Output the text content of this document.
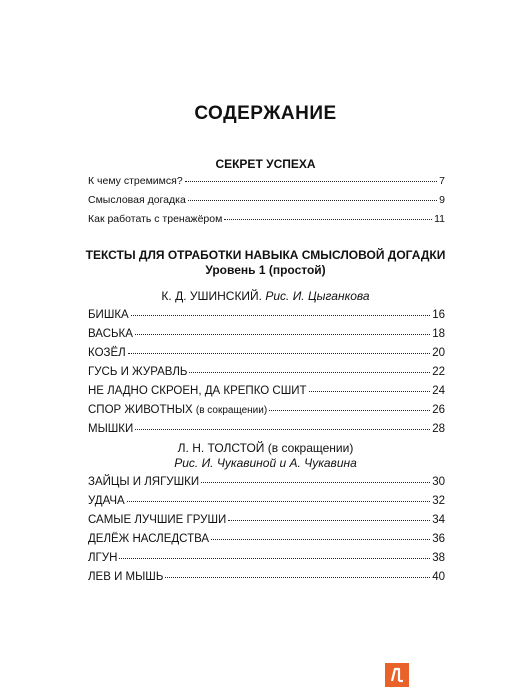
СОДЕРЖАНИЕ
СЕКРЕТ УСПЕХА
К чему стремимся?	7
Смысловая догадка	9
Как работать с тренажёром	11
ТЕКСТЫ ДЛЯ ОТРАБОТКИ НАВЫКА СМЫСЛОВОЙ ДОГАДКИ
Уровень 1 (простой)
К. Д. УШИНСКИЙ. Рис. И. Цыганкова
БИШКА	16
ВАСЬКА	18
КОЗЁЛ	20
ГУСЬ И ЖУРАВЛЬ	22
НЕ ЛАДНО СКРОЕН, ДА КРЕПКО СШИТ	24
СПОР ЖИВОТНЫХ (в сокращении)	26
МЫШКИ	28
Л. Н. ТОЛСТОЙ (в сокращении)
Рис. И. Чукавиной и А. Чукавина
ЗАЙЦЫ И ЛЯГУШКИ	30
УДАЧА	32
САМЫЕ ЛУЧШИЕ ГРУШИ	34
ДЕЛЁЖ НАСЛЕДСТВА	36
ЛГУН	38
ЛЕВ И МЫШЬ	40
